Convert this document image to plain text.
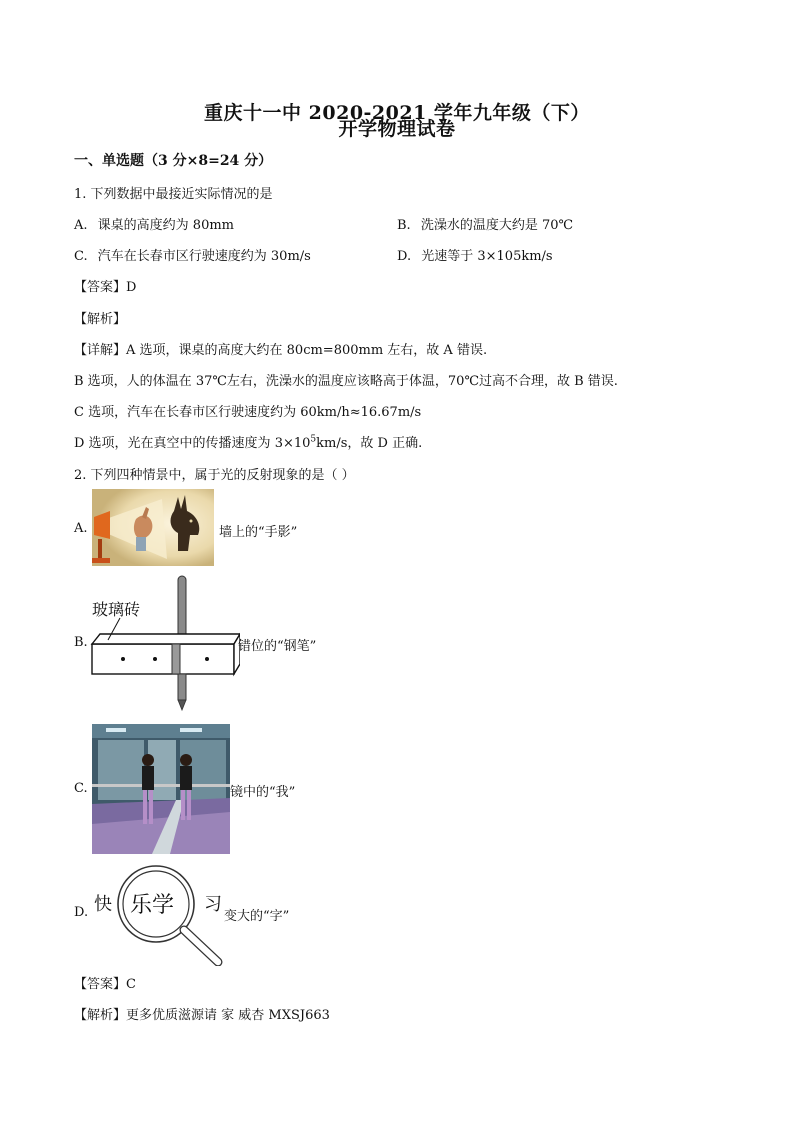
重庆十一中 2020-2021 学年九年级（下）
开学物理试卷
一、单选题（3 分×8=24 分）
1. 下列数据中最接近实际情况的是
A. 课桌的高度约为 80mm	B. 洗澡水的温度大约是 70℃
C. 汽车在长春市区行驶速度约为 30m/s	D. 光速等于 3×105km/s
【答案】D
【解析】
【详解】A 选项，课桌的高度大约在 80cm=800mm 左右，故 A 错误.
B 选项，人的体温在 37℃左右，洗澡水的温度应该略高于体温，70℃过高不合理，故 B 错误.
C 选项，汽车在长春市区行驶速度约为 60km/h≈16.67m/s
D 选项，光在真空中的传播速度为 $3\times 10^5km/s$，故 D 正确.
2. 下列四种情景中，属于光的反射现象的是（ ）
A.	墙上的“手影”
B.
玻璃砖
错位的“钢笔”
C.	镜中的“我”
D. 快 乐学 习
变大的“字”
【答案】C
【解析】更多优质滋源请 家 威杏 MXSJ663
